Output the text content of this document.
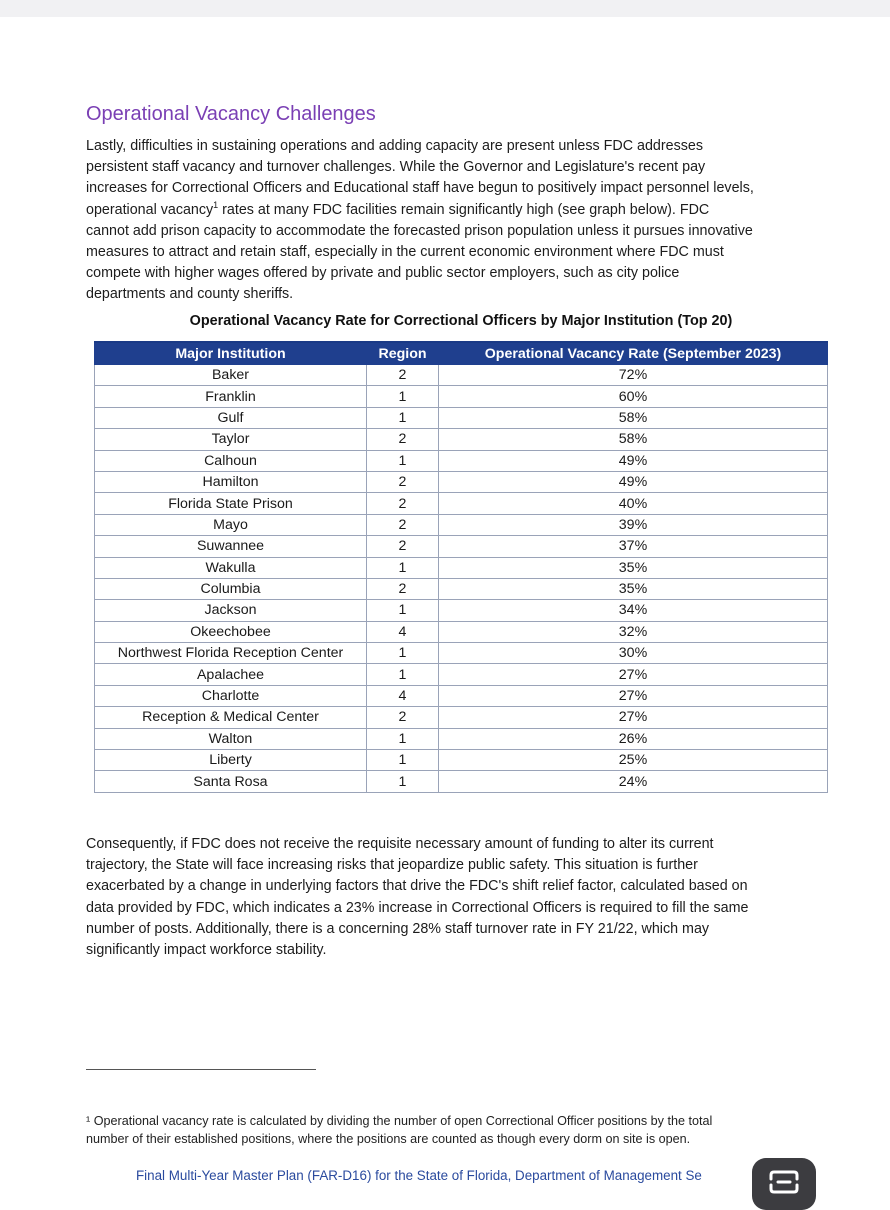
Operational Vacancy Challenges
Lastly, difficulties in sustaining operations and adding capacity are present unless FDC addresses
persistent staff vacancy and turnover challenges. While the Governor and Legislature's recent pay
increases for Correctional Officers and Educational staff have begun to positively impact personnel levels,
operational vacancy$^1$ rates at many FDC facilities remain significantly high (see graph below). FDC
cannot add prison capacity to accommodate the forecasted prison population unless it pursues innovative
measures to attract and retain staff, especially in the current economic environment where FDC must
compete with higher wages offered by private and public sector employers, such as city police
departments and county sheriffs.
Operational Vacancy Rate for Correctional Officers by Major Institution (Top 20)
Major Institution	Region	Operational Vacancy Rate (September 2023)
Baker	2	72%
Franklin	1	60%
Gulf	1	58%
Taylor	2	58%
Calhoun	1	49%
Hamilton	2	49%
Florida State Prison	2	40%
Mayo	2	39%
Suwannee	2	37%
Wakulla	1	35%
Columbia	2	35%
Jackson	1	34%
Okeechobee	4	32%
Northwest Florida Reception Center	1	30%
Apalachee	1	27%
Charlotte	4	27%
Reception & Medical Center	2	27%
Walton	1	26%
Liberty	1	25%
Santa Rosa	1	24%
Consequently, if FDC does not receive the requisite necessary amount of funding to alter its current
trajectory, the State will face increasing risks that jeopardize public safety. This situation is further
exacerbated by a change in underlying factors that drive the FDC's shift relief factor, calculated based on
data provided by FDC, which indicates a 23% increase in Correctional Officers is required to fill the same
number of posts. Additionally, there is a concerning 28% staff turnover rate in FY 21/22, which may
significantly impact workforce stability.
¹ Operational vacancy rate is calculated by dividing the number of open Correctional Officer positions by the total
number of their established positions, where the positions are counted as though every dorm on site is open.
Final Multi-Year Master Plan (FAR-D16) for the State of Florida, Department of Management Se
